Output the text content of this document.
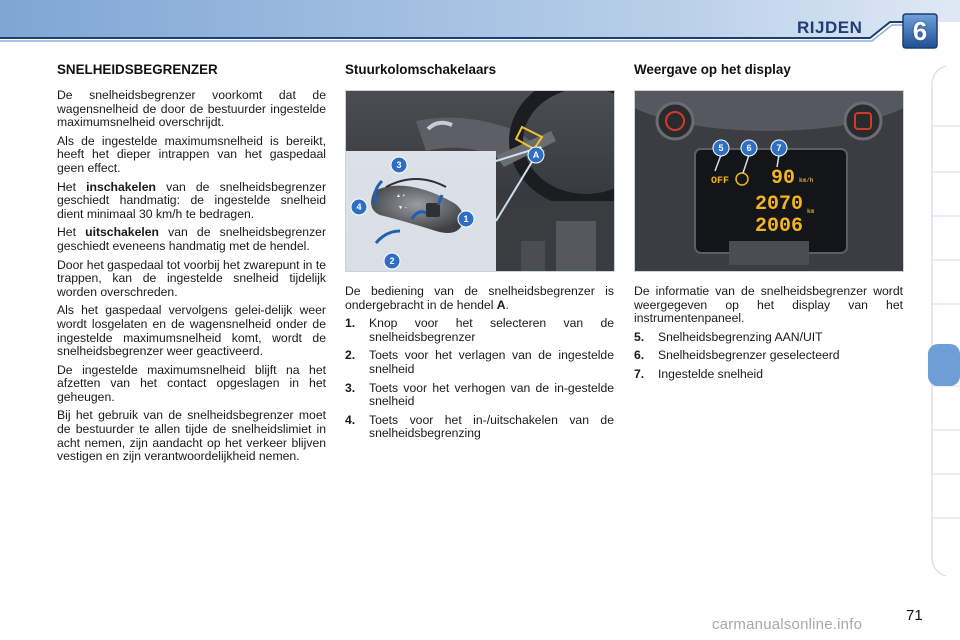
RIJDEN	6
SNELHEIDSBEGRENZER

De snelheidsbegrenzer voorkomt dat de wagensnelheid de door de bestuurder ingestelde maximumsnelheid overschrijdt.

Als de ingestelde maximumsnelheid is bereikt, heeft het dieper intrappen van het gaspedaal geen effect.

Het inschakelen van de snelheidsbegrenzer geschiedt handmatig: de ingestelde snelheid dient minimaal 30 km/h te bedragen.

Het uitschakelen van de snelheidsbegrenzer geschiedt eveneens handmatig met de hendel.

Door het gaspedaal tot voorbij het zwarepunt in te trappen, kan de ingestelde snelheid tijdelijk worden overschreden.

Als het gaspedaal vervolgens gelei-delijk weer wordt losgelaten en de wagensnelheid onder de ingestelde maximumsnelheid komt, wordt de snelheidsbegrenzer weer geactiveerd.

De ingestelde maximumsnelheid blijft na het afzetten van het contact opgeslagen in het geheugen.

Bij het gebruik van de snelheidsbegrenzer moet de bestuurder te allen tijde de snelheidslimiet in acht nemen, zijn aandacht op het verkeer blijven vestigen en zijn verantwoordelijkheid nemen.

Stuurkolomschakelaars
▲ +
▼ −
A
1
2
3
4

De bediening van de snelheidsbegrenzer is ondergebracht in de hendel A.

1. Knop voor het selecteren van de snelheidsbegrenzer
2. Toets voor het verlagen van de ingestelde snelheid
3. Toets voor het verhogen van de in-gestelde snelheid
4. Toets voor het in-/uitschakelen van de snelheidsbegrenzing
Weergave op het display
OFF 90 km/h
2070
2006
km
5	6	7

De informatie van de snelheidsbegrenzer wordt weergegeven op het display van het instrumentenpaneel.

5. Snelheidsbegrenzing AAN/UIT
6. Snelheidsbegrenzer geselecteerd
7. Ingestelde snelheid
71
carmanualsonline.info
